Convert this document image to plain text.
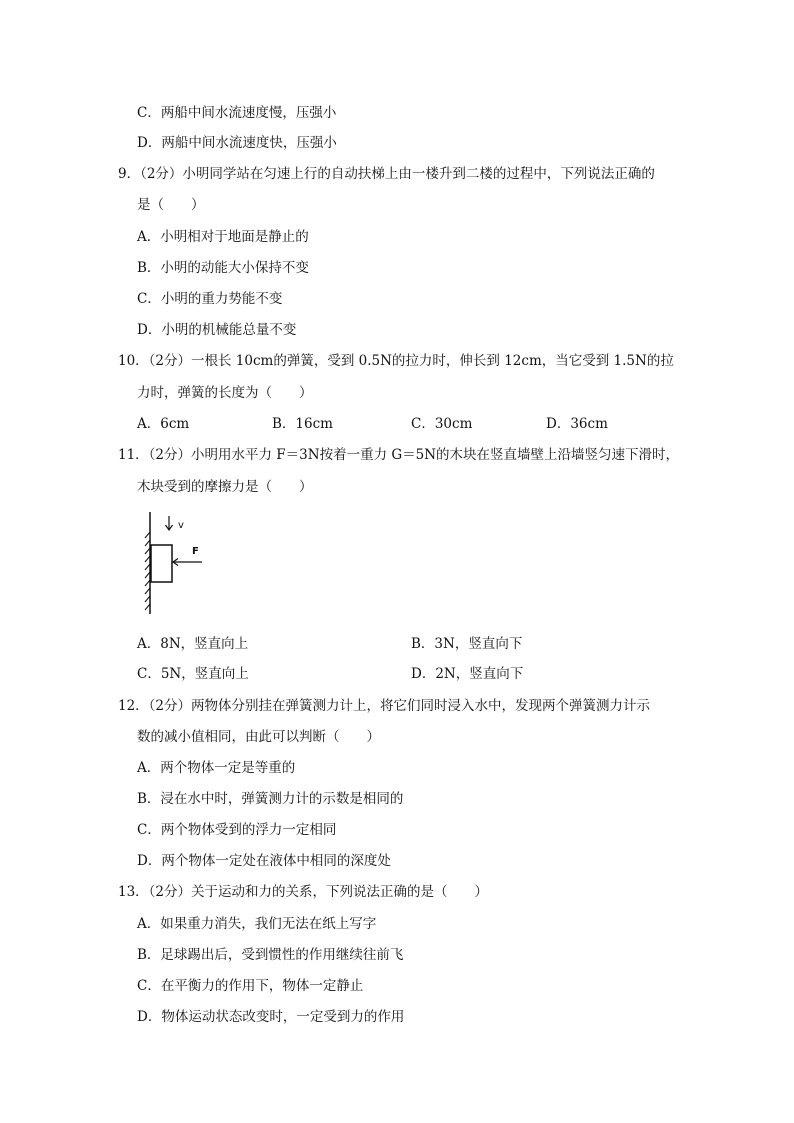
C．两船中间水流速度慢，压强小
D．两船中间水流速度快，压强小
9．（2分）小明同学站在匀速上行的自动扶梯上由一楼升到二楼的过程中，下列说法正确的
是（　　）
A．小明相对于地面是静止的
B．小明的动能大小保持不变
C．小明的重力势能不变
D．小明的机械能总量不变
10．（2分）一根长 10cm的弹簧，受到 0.5N的拉力时，伸长到 12cm，当它受到 1.5N的拉
力时，弹簧的长度为（　　）
A．6cm	B．16cm	C．30cm	D．36cm
11．（2分）小明用水平力 F＝3N按着一重力 G＝5N的木块在竖直墙壁上沿墙竖匀速下滑时，
木块受到的摩擦力是（　　）
v
F
A．8N，竖直向上	B．3N，竖直向下
C．5N，竖直向上	D．2N，竖直向下
12．（2分）两物体分别挂在弹簧测力计上，将它们同时浸入水中，发现两个弹簧测力计示
数的减小值相同，由此可以判断（　　）
A．两个物体一定是等重的
B．浸在水中时，弹簧测力计的示数是相同的
C．两个物体受到的浮力一定相同
D．两个物体一定处在液体中相同的深度处
13．（2分）关于运动和力的关系，下列说法正确的是（　　）
A．如果重力消失，我们无法在纸上写字
B．足球踢出后，受到惯性的作用继续往前飞
C．在平衡力的作用下，物体一定静止
D．物体运动状态改变时，一定受到力的作用
